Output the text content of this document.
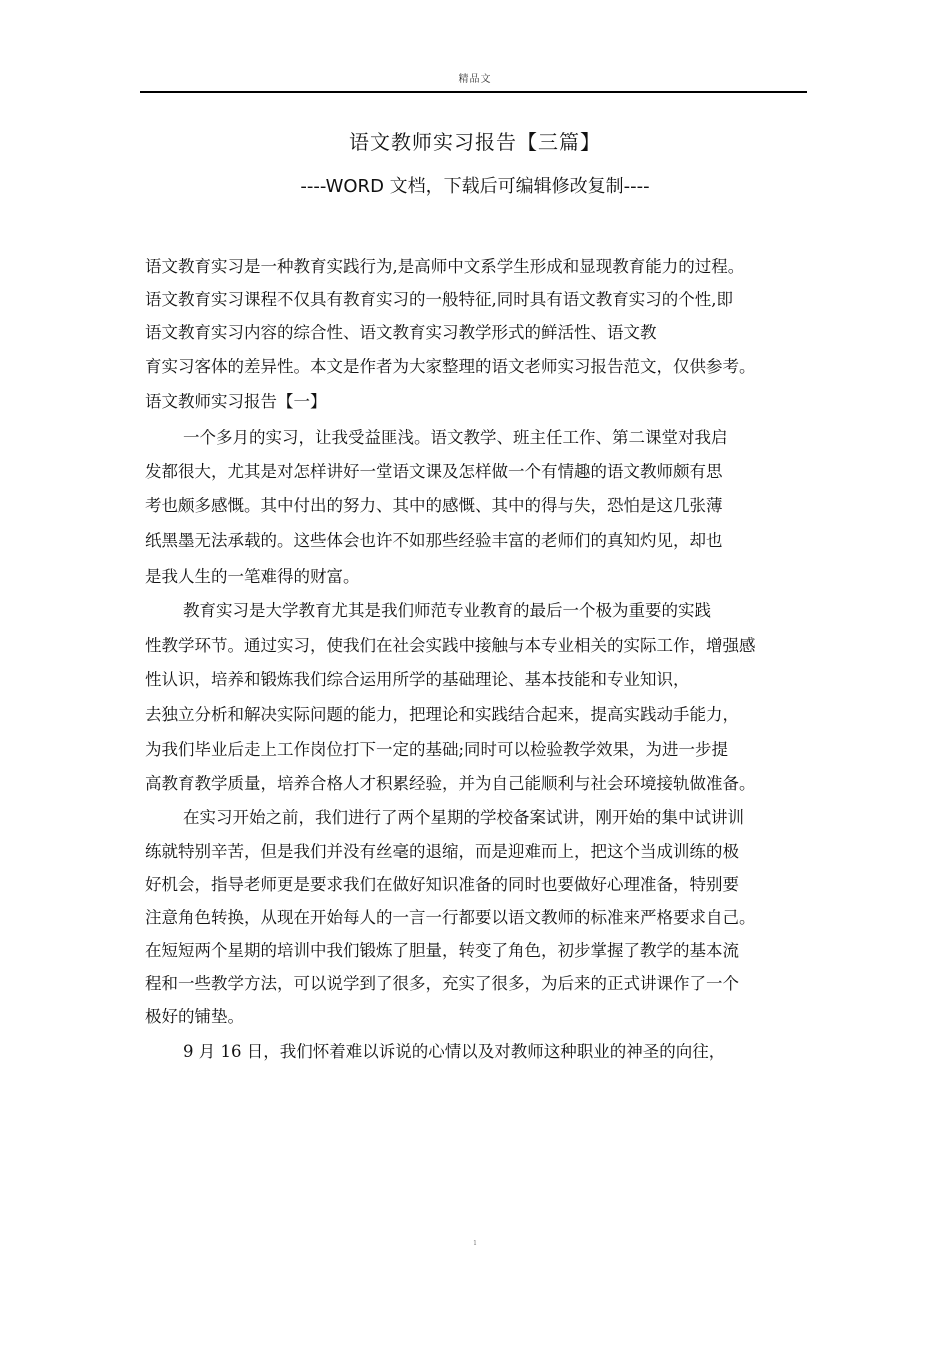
精品文
语文教师实习报告【三篇】
----WORD 文档，下载后可编辑修改复制----
语文教育实习是一种教育实践行为,是高师中文系学生形成和显现教育能力的过程。
语文教育实习课程不仅具有教育实习的一般特征,同时具有语文教育实习的个性,即
语文教育实习内容的综合性、语文教育实习教学形式的鲜活性、语文教
育实习客体的差异性。本文是作者为大家整理的语文老师实习报告范文，仅供参考。
语文教师实习报告【一】
一个多月的实习，让我受益匪浅。语文教学、班主任工作、第二课堂对我启
发都很大，尤其是对怎样讲好一堂语文课及怎样做一个有情趣的语文教师颇有思
考也颇多感慨。其中付出的努力、其中的感慨、其中的得与失，恐怕是这几张薄
纸黑墨无法承载的。这些体会也许不如那些经验丰富的老师们的真知灼见，却也
是我人生的一笔难得的财富。
教育实习是大学教育尤其是我们师范专业教育的最后一个极为重要的实践
性教学环节。通过实习，使我们在社会实践中接触与本专业相关的实际工作，增强感
性认识，培养和锻炼我们综合运用所学的基础理论、基本技能和专业知识，
去独立分析和解决实际问题的能力，把理论和实践结合起来，提高实践动手能力，
为我们毕业后走上工作岗位打下一定的基础;同时可以检验教学效果，为进一步提
高教育教学质量，培养合格人才积累经验，并为自己能顺利与社会环境接轨做准备。
在实习开始之前，我们进行了两个星期的学校备案试讲，刚开始的集中试讲训
练就特别辛苦，但是我们并没有丝毫的退缩，而是迎难而上，把这个当成训练的极
好机会，指导老师更是要求我们在做好知识准备的同时也要做好心理准备，特别要
注意角色转换，从现在开始每人的一言一行都要以语文教师的标准来严格要求自己。
在短短两个星期的培训中我们锻炼了胆量，转变了角色，初步掌握了教学的基本流
程和一些教学方法，可以说学到了很多，充实了很多，为后来的正式讲课作了一个
极好的铺垫。
9 月 16 日，我们怀着难以诉说的心情以及对教师这种职业的神圣的向往，
1
